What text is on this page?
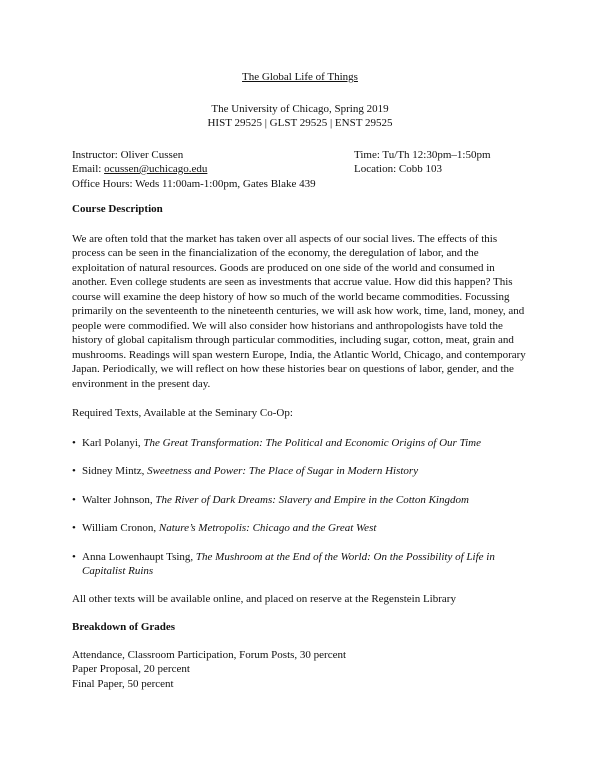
The Global Life of Things
The University of Chicago, Spring 2019
HIST 29525 | GLST 29525 | ENST 29525
Instructor: Oliver Cussen	Time: Tu/Th 12:30pm–1:50pm
Email: ocussen@uchicago.edu	Location: Cobb 103
Office Hours: Weds 11:00am-1:00pm, Gates Blake 439
Course Description
We are often told that the market has taken over all aspects of our social lives. The effects of this process can be seen in the financialization of the economy, the deregulation of labor, and the exploitation of natural resources. Goods are produced on one side of the world and consumed in another. Even college students are seen as investments that accrue value. How did this happen? This course will examine the deep history of how so much of the world became commodities. Focussing primarily on the seventeenth to the nineteenth centuries, we will ask how work, time, land, money, and people were commodified. We will also consider how historians and anthropologists have told the history of global capitalism through particular commodities, including sugar, cotton, meat, grain and mushrooms. Readings will span western Europe, India, the Atlantic World, Chicago, and contemporary Japan. Periodically, we will reflect on how these histories bear on questions of labor, gender, and the environment in the present day.
Required Texts, Available at the Seminary Co-Op:
• Karl Polanyi, The Great Transformation: The Political and Economic Origins of Our Time
• Sidney Mintz, Sweetness and Power: The Place of Sugar in Modern History
• Walter Johnson, The River of Dark Dreams: Slavery and Empire in the Cotton Kingdom
• William Cronon, Nature’s Metropolis: Chicago and the Great West
• Anna Lowenhaupt Tsing, The Mushroom at the End of the World: On the Possibility of Life in Capitalist Ruins
All other texts will be available online, and placed on reserve at the Regenstein Library
Breakdown of Grades
Attendance, Classroom Participation, Forum Posts, 30 percent
Paper Proposal, 20 percent
Final Paper, 50 percent
